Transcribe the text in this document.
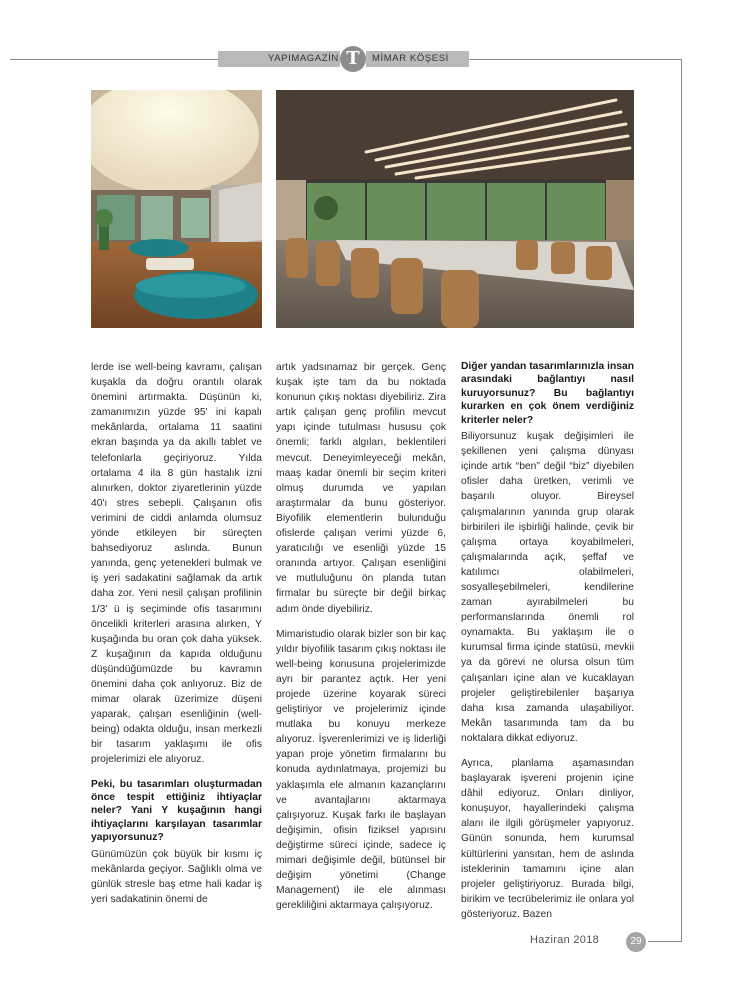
YAPIMAGAZİN T	MİMAR KÖŞESİ

lerde ise well-being kavramı, çalışan kuşakla da doğru orantılı olarak önemini artırmakta. Düşünün ki, zamanımızın yüzde 95' ini kapalı mekânlarda, ortalama 11 saatini ekran başında ya da akıllı tablet ve telefonlarla geçiriyoruz. Yılda ortalama 4 ila 8 gün hastalık izni alınırken, doktor ziyaretlerinin yüzde 40'ı stres sebepli. Çalışanın ofis verimini de ciddi anlamda olumsuz yönde etkileyen bir süreçten bahsediyoruz aslında. Bunun yanında, genç yetenekleri bulmak ve iş yeri sadakatini sağlamak da artık daha zor. Yeni nesil çalışan profilinin 1/3' ü iş seçiminde ofis tasarımını öncelikli kriterleri arasına alırken, Y kuşağında bu oran çok daha yüksek. Z kuşağının da kapıda olduğunu düşündüğümüzde bu kavramın önemini daha çok anlıyoruz. Biz de mimar olarak üzerimize düşeni yaparak, çalışan esenliğinin (well-being) odakta olduğu, insan merkezli bir tasarım yaklaşımı ile ofis projelerimizi ele alıyoruz.

Peki, bu tasarımları oluşturmadan önce tespit ettiğiniz ihtiyaçlar neler? Yani Y kuşağının hangi ihtiyaçlarını karşılayan tasarımlar yapıyorsunuz?

Günümüzün çok büyük bir kısmı iç mekânlarda geçiyor. Sağlıklı olma ve günlük stresle baş etme hali kadar iş yeri sadakatinin önemi de

artık yadsınamaz bir gerçek. Genç kuşak işte tam da bu noktada konunun çıkış noktası diyebiliriz. Zira artık çalışan genç profilin mevcut yapı içinde tutulması hususu çok önemli; farklı algıları, beklentileri mevcut. Deneyimleyeceği mekân, maaş kadar önemli bir seçim kriteri olmuş durumda ve yapılan araştırmalar da bunu gösteriyor. Biyofilik elementlerin bulunduğu ofislerde çalışan verimi yüzde 6, yaratıcılığı ve esenliği yüzde 15 oranında artıyor. Çalışan esenliğini ve mutluluğunu ön planda tutan firmalar bu süreçte bir değil birkaç adım önde diyebiliriz.

Mimaristudio olarak bizler son bir kaç yıldır biyofilik tasarım çıkış noktası ile well-being konusuna projelerimizde ayrı bir parantez açtık. Her yeni projede üzerine koyarak süreci geliştiriyor ve projelerimiz içinde mutlaka bu konuyu merkeze alıyoruz. İşverenlerimizi ve iş liderliği yapan proje yönetim firmalarını bu konuda aydınlatmaya, projemizi bu yaklaşımla ele almanın kazançlarını ve avantajlarını aktarmaya çalışıyoruz. Kuşak farkı ile başlayan değişimin, ofisin fiziksel yapısını değiştirme süreci içinde, sadece iç mimari değişimle değil, bütünsel bir değişim yönetimi (Change Management) ile ele alınması gerekliliğini aktarmaya çalışıyoruz.

Diğer yandan tasarımlarınızla insan arasındaki bağlantıyı nasıl kuruyorsunuz? Bu bağlantıyı kurarken en çok önem verdiğiniz kriterler neler?

Biliyorsunuz kuşak değişimleri ile şekillenen yeni çalışma dünyası içinde artık “ben” değil “biz” diyebilen ofisler daha üretken, verimli ve başarılı oluyor. Bireysel çalışmalarının yanında grup olarak birbirileri ile işbirliği halinde, çevik bir çalışma ortaya koyabilmeleri, çalışmalarında açık, şeffaf ve katılımcı olabilmeleri, sosyalleşebilmeleri, kendilerine zaman ayırabilmeleri bu performanslarında önemli rol oynamakta. Bu yaklaşım ile o kurumsal firma içinde statüsü, mevkii ya da görevi ne olursa olsun tüm çalışanları içine alan ve kucaklayan projeler geliştirebilenler başarıya daha kısa zamanda ulaşabiliyor. Mekân tasarımında tam da bu noktalara dikkat ediyoruz.

Ayrıca, planlama aşamasından başlayarak işvereni projenin içine dâhil ediyoruz. Onları dinliyor, konuşuyor, hayallerindeki çalışma alanı ile ilgili görüşmeler yapıyoruz. Günün sonunda, hem kurumsal kültürlerini yansıtan, hem de aslında isteklerinin tamamını içine alan projeler geliştiriyoruz. Burada bilgi, birikim ve tecrübelerimiz ile onlara yol gösteriyoruz. Bazen

Haziran 2018	29
